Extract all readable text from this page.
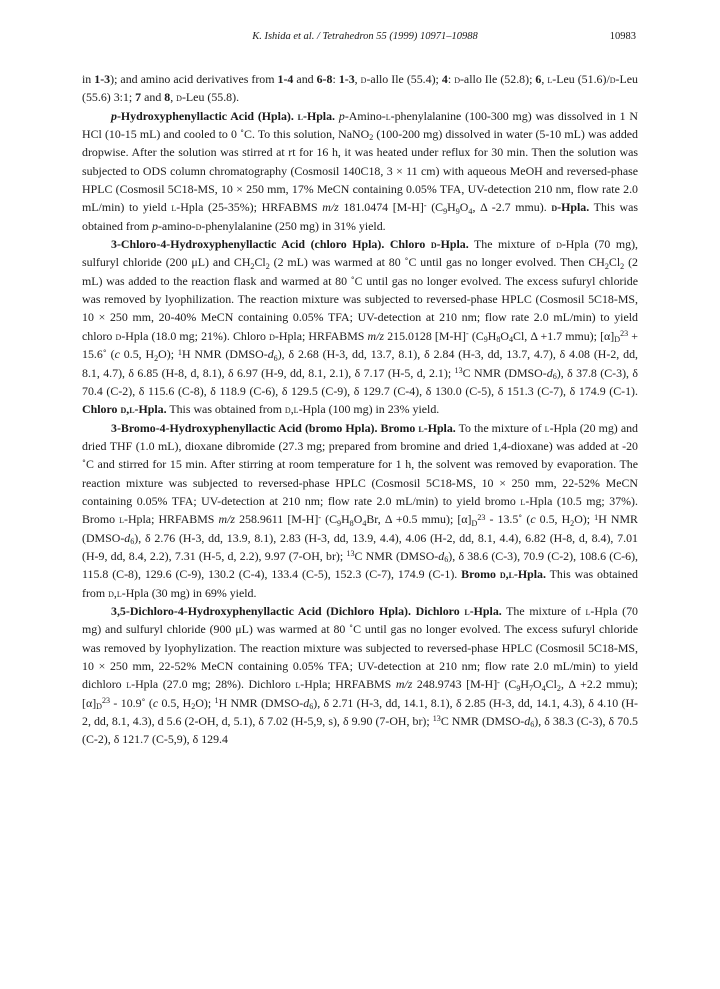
K. Ishida et al. / Tetrahedron 55 (1999) 10971–10988	10983

in 1-3); and amino acid derivatives from 1-4 and 6-8: 1-3, d-allo Ile (55.4); 4: d-allo Ile (52.8); 6, l-Leu (51.6)/d-Leu (55.6) 3:1; 7 and 8, d-Leu (55.8).

p-Hydroxyphenyllactic Acid (Hpla). l-Hpla. p-Amino-l-phenylalanine (100-300 mg) was dissolved in 1 N HCl (10-15 mL) and cooled to 0 ˚C. To this solution, NaNO$_2$ (100-200 mg) dissolved in water (5-10 mL) was added dropwise. After the solution was stirred at rt for 16 h, it was heated under reflux for 30 min. Then the solution was subjected to ODS column chromatography (Cosmosil 140C18, 3 × 11 cm) with aqueous MeOH and reversed-phase HPLC (Cosmosil 5C18-MS, 10 × 250 mm, 17% MeCN containing 0.05% TFA, UV-detection 210 nm, flow rate 2.0 mL/min) to yield l-Hpla (25-35%); HRFABMS m/z 181.0474 [M-H]- ($C_9H_9O_4$, Δ -2.7 mmu). d-Hpla. This was obtained from p-amino-d-phenylalanine (250 mg) in 31% yield.

3-Chloro-4-Hydroxyphenyllactic Acid (chloro Hpla). Chloro d-Hpla. The mixture of d-Hpla (70 mg), sulfuryl chloride (200 μL) and $CH_2Cl_2$ (2 mL) was warmed at 80 ˚C until gas no longer evolved. Then $CH_2Cl_2$ (2 mL) was added to the reaction flask and warmed at 80 ˚C until gas no longer evolved. The excess sufuryl chloride was removed by lyophilization. The reaction mixture was subjected to reversed-phase HPLC (Cosmosil 5C18-MS, 10 × 250 mm, 20-40% MeCN containing 0.05% TFA; UV-detection at 210 nm; flow rate 2.0 mL/min) to yield chloro d-Hpla (18.0 mg; 21%). Chloro d-Hpla; HRFABMS m/z 215.0128 [M-H]- ($C_9H_8O_4Cl$, Δ +1.7 mmu); $[\alpha]_D^{23}$ + 15.6˚ (c 0.5, $H_2O$); $^1$H NMR $(DMSO-d_6)$, δ 2.68 (H-3, dd, 13.7, 8.1), δ 2.84 (H-3, dd, 13.7, 4.7), δ 4.08 (H-2, dd, 8.1, 4.7), δ 6.85 (H-8, d, 8.1), δ 6.97 (H-9, dd, 8.1, 2.1), δ 7.17 (H-5, d, 2.1); $^{13}$C NMR $(DMSO-d_6)$, δ 37.8 (C-3), δ 70.4 (C-2), δ 115.6 (C-8), δ 118.9 (C-6), δ 129.5 (C-9), δ 129.7 (C-4), δ 130.0 (C-5), δ 151.3 (C-7), δ 174.9 (C-1). Chloro d,l-Hpla. This was obtained from d,l-Hpla (100 mg) in 23% yield.

3-Bromo-4-Hydroxyphenyllactic Acid (bromo Hpla). Bromo l-Hpla. To the mixture of l-Hpla (20 mg) and dried THF (1.0 mL), dioxane dibromide (27.3 mg; prepared from bromine and dried 1,4-dioxane) was added at -20 ˚C and stirred for 15 min. After stirring at room temperature for 1 h, the solvent was removed by evaporation. The reaction mixture was subjected to reversed-phase HPLC (Cosmosil 5C18-MS, 10 × 250 mm, 22-52% MeCN containing 0.05% TFA; UV-detection at 210 nm; flow rate 2.0 mL/min) to yield bromo l-Hpla (10.5 mg; 37%). Bromo l-Hpla; HRFABMS m/z 258.9611 [M-H]- ($C_9H_8O_4Br$, Δ +0.5 mmu); $[\alpha]_D^{23}$ - 13.5˚ (c 0.5, $H_2O$); $^1$H NMR $(DMSO-d_6)$, δ 2.76 (H-3, dd, 13.9, 8.1), 2.83 (H-3, dd, 13.9, 4.4), 4.06 (H-2, dd, 8.1, 4.4), 6.82 (H-8, d, 8.4), 7.01 (H-9, dd, 8.4, 2.2), 7.31 (H-5, d, 2.2), 9.97 (7-OH, br); $^{13}$C NMR $(DMSO-d_6)$, δ 38.6 (C-3), 70.9 (C-2), 108.6 (C-6), 115.8 (C-8), 129.6 (C-9), 130.2 (C-4), 133.4 (C-5), 152.3 (C-7), 174.9 (C-1). Bromo d,l-Hpla. This was obtained from d,l-Hpla (30 mg) in 69% yield.

3,5-Dichloro-4-Hydroxyphenyllactic Acid (Dichloro Hpla). Dichloro l-Hpla. The mixture of l-Hpla (70 mg) and sulfuryl chloride (900 μL) was warmed at 80 ˚C until gas no longer evolved. The excess sufuryl chloride was removed by lyophylization. The reaction mixture was subjected to reversed-phase HPLC (Cosmosil 5C18-MS, 10 × 250 mm, 22-52% MeCN containing 0.05% TFA; UV-detection at 210 nm; flow rate 2.0 mL/min) to yield dichloro l-Hpla (27.0 mg; 28%). Dichloro l-Hpla; HRFABMS m/z 248.9743 [M-H]- ($C_9H_7O_4Cl_2$, Δ +2.2 mmu); $[\alpha]_D^{23}$ - 10.9˚ (c 0.5, $H_2O$); $^1$H NMR $(DMSO-d_6)$, δ 2.71 (H-3, dd, 14.1, 8.1), δ 2.85 (H-3, dd, 14.1, 4.3), δ 4.10 (H-2, dd, 8.1, 4.3), d 5.6 (2-OH, d, 5.1), δ 7.02 (H-5,9, s), δ 9.90 (7-OH, br); $^{13}$C NMR $(DMSO-d_6)$, δ 38.3 (C-3), δ 70.5 (C-2), δ 121.7 (C-5,9), δ 129.4
